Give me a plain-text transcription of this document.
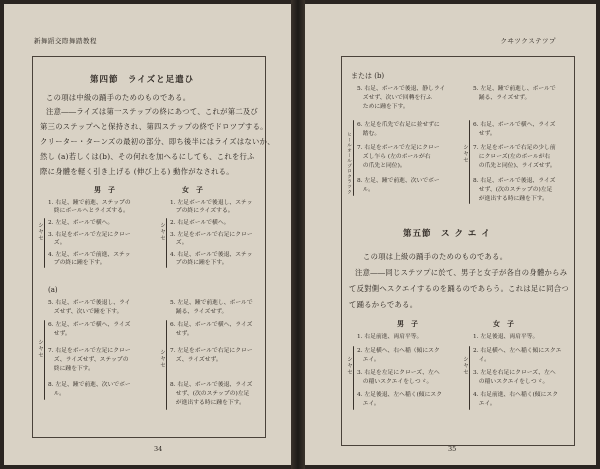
新舞蹈交際舞踏教程
第四節　ライズと足遣ひ
この項は中級の踊手のためのものである。
注意――ライズは第一ステップの終にあつて、これが第二及び
第三のステップへと保持され、第四ステップの終でドロツプする。
クリーター・ターンズの最初の部分、即ち後半にはライズはないか、
然し (a)若しくは(b)、その何れを加へるにしても、これを行ふ
際に身體を軽く引き上げる (伸び上る) 動作がなされる。
男　子	女　子
1. 右足、踵で前進、ステップの
　終にボールへとライズする。
2. 左足、ボールで横へ。
3. 右足をボールで左足にクロー
　ズ。
4. 左足、ボールで前進、ステッ
　プの終に踵を下す。
シヤセ
1. 左足ボールで後退し、ステッ
　プの終にライズする。
2. 右足ボールで横へ。
3. 左足をボールで右足にクロー
　ズ。
4. 右足、ボールで後退、ステッ
　プの終に踵を下す。
シヤセ
(a)
5. 右足、ボールで後退し、ライ
　ズせず、次いで踵を下す。
6. 左足、ボールで横へ、ライズ
　せず。
7. 右足をボールで左足にクロー
　ズ、ライズせず、ステップの
　終に踵を下す。
8. 左足、踵で前進、次いでボー
　ル。
シヤセ
5. 左足、踵で前進し、ボールで
　踊る、ライズせず。
6. 右足、ボールで横へ、ライズ
　せず。
7. 左足をボールで右足にクロー
　ズ、ライズせず。
8. 右足、ボールで後退、ライズ
　せず、(次のステップの)左足
　が進出する時に踵を下す。
シヤセ
34
クヰツクステツプ
または (b)
5. 右足、ボールで後退、静しライ
　ズせず、次いで回轉を行ふ
　ために踵を下す。
6. 左足を爪先で右足に並せずに
　踏む。
7. 右足をボールで左足にクロー
　ズし乍ら (左のボールが右
　の爪先と同位)。
8. 左足、踵で前進、次いでボー
　ル。
ヒールオールプロクラツク
5. 左足、踵で前進し、ボールで
　踊る、ライズせず。
6. 右足、ボールで横へ、ライズ
　せず。
7. 左足をボールで右足の少し前
　にクローズ(左のボールが右
　の爪先と同位)、ライズせず。
8. 右足、ボールで後退、ライズ
　せず、(次のステップの)左足
　が進出する時に踵を下す。
シヤセ
第五節　ス ク エ イ
この項は上級の踊手のためのものである。
注意――同じステツプに於て、男子と女子が各自の身體からみ
て反對側へスクエイするのを踊るのであらう。これは足に同合つ
て踊るからである。
男　子	女　子
1. 右足前進、両肩平等。
2. 左足横へ、右へ稲（傾にスク
　エイ。
3. 右足を左足にクローズ、左へ
　の稲いスクエイをしつゞ。
4. 左足後退、左へ稲く(傾にスク
　エイ。
シヤセ
1. 左足後退、両肩平等。
2. 右足横へ、左へ稲く傾にスクエ
　イ。
3. 左足を右足にクローズ、左へ
　の稲いスクエイをしつゞ。
4. 右足前進、右へ稲く(傾にスク
　エイ。
シヤセ
35
